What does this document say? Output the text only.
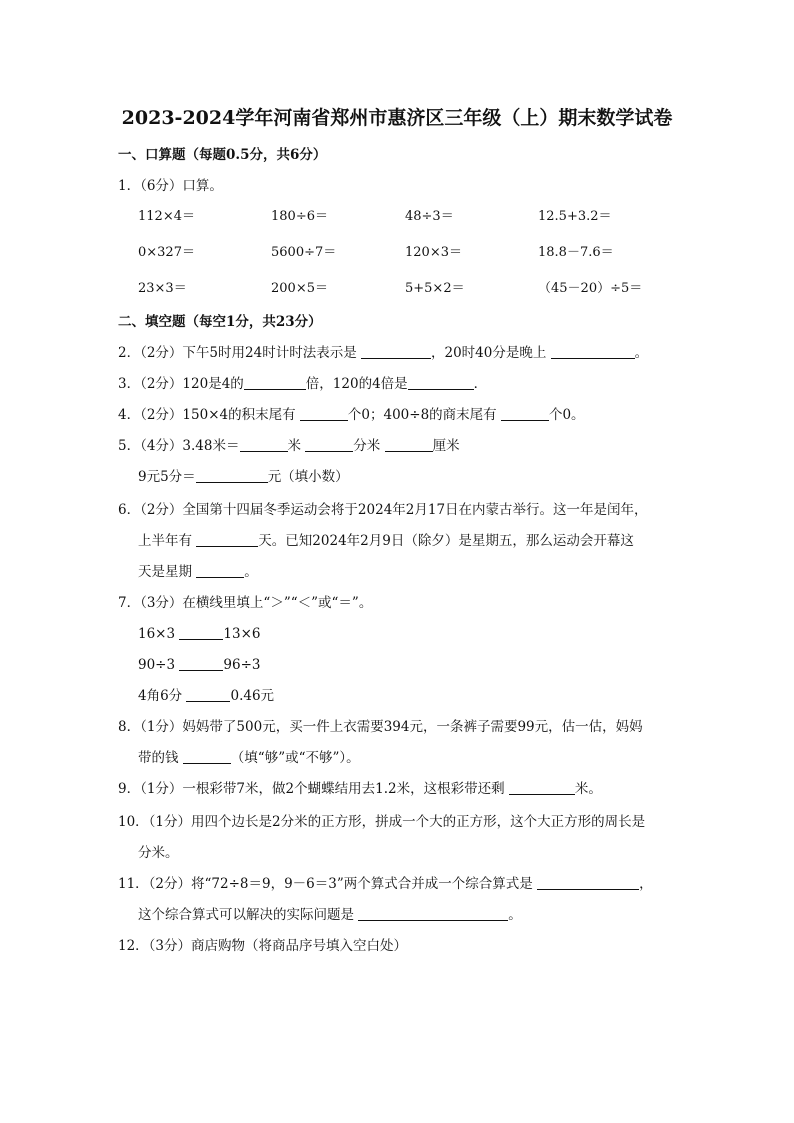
2023-2024学年河南省郑州市惠济区三年级（上）期末数学试卷
一、口算题（每题0.5分，共6分）
1．（6分）口算。
112×4＝	180÷6＝	48÷3＝	12.5+3.2＝
0×327＝	5600÷7＝	120×3＝	18.8－7.6＝
23×3＝	200×5＝	5+5×2＝	（45－20）÷5＝
二、填空题（每空1分，共23分）
2．（2分）下午5时用24时计时法表示是	，20时40分是晚上	。
3．（2分）120是4的	倍，120的4倍是	．
4．（2分）150×4的积末尾有	个0；400÷8的商末尾有	个0。
5．（4分）3.48米＝	米	分米	厘米
9元5分＝	元（填小数）
6．（2分）全国第十四届冬季运动会将于2024年2月17日在内蒙古举行。这一年是闰年，
上半年有	天。已知2024年2月9日（除夕）是星期五，那么运动会开幕这
天是星期	。
7．（3分）在横线里填上“＞”“＜”或“＝”。
16×3	13×6
90÷3	96÷3
4角6分	0.46元
8．（1分）妈妈带了500元，买一件上衣需要394元，一条裤子需要99元，估一估，妈妈
带的钱	（填“够”或“不够”）。
9．（1分）一根彩带7米，做2个蝴蝶结用去1.2米，这根彩带还剩	米。
10．（1分）用四个边长是2分米的正方形，拼成一个大的正方形，这个大正方形的周长是
分米。
11．（2分）将“72÷8＝9，9－6＝3”两个算式合并成一个综合算式是	，
这个综合算式可以解决的实际问题是	。
12．（3分）商店购物（将商品序号填入空白处）
